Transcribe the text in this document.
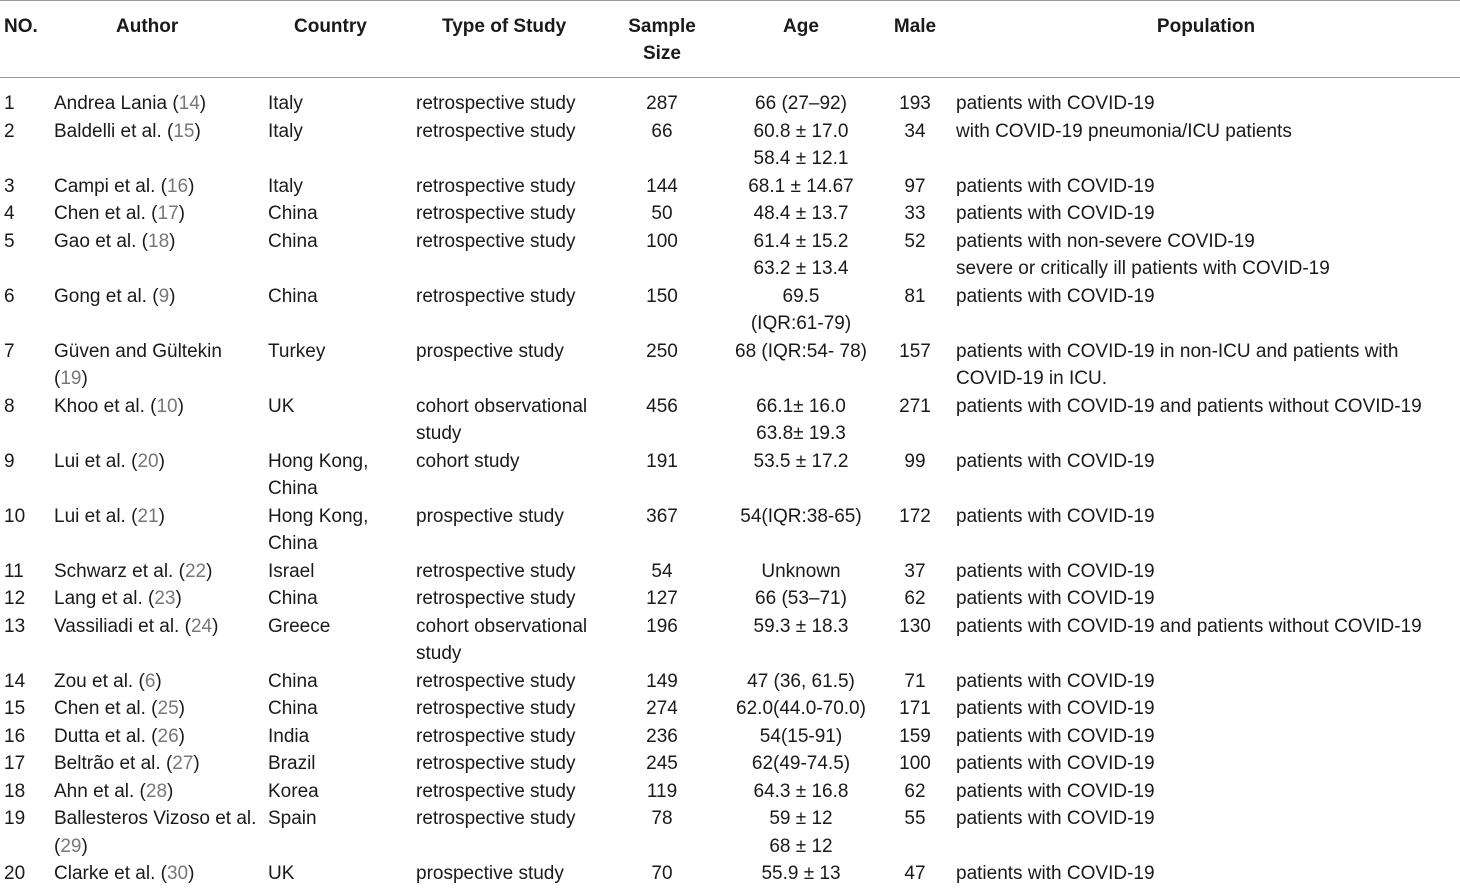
NO.	Author	Country	Type of Study	Sample
Size	Age	Male	Population
1	Andrea Lania (14)	Italy	retrospective study	287	66 (27–92)	193	patients with COVID-19

2	Baldelli et al. (15)	Italy	retrospective study	66	60.8 ± 17.0
58.4 ± 12.1	34	with COVID-19 pneumonia/ICU patients

3	Campi et al. (16)	Italy	retrospective study	144	68.1 ± 14.67	97	patients with COVID-19

4	Chen et al. (17)	China	retrospective study	50	48.4 ± 13.7	33	patients with COVID-19

5	Gao et al. (18)	China	retrospective study	100	61.4 ± 15.2
63.2 ± 13.4	52	patients with non-severe COVID-19
severe or critically ill patients with COVID-19

6	Gong et al. (9)	China	retrospective study	150	69.5
(IQR:61-79)	81	patients with COVID-19

7	Güven and Gültekin (19)	Turkey	prospective study	250	68 (IQR:54- 78)	157	patients with COVID-19 in non-ICU and patients with COVID-19 in ICU.

8	Khoo et al. (10)	UK	cohort observational study	456	66.1± 16.0
63.8± 19.3	271	patients with COVID-19 and patients without COVID-19

9	Lui et al. (20)	Hong Kong, China	cohort study	191	53.5 ± 17.2	99	patients with COVID-19

10	Lui et al. (21)	Hong Kong, China	prospective study	367	54(IQR:38-65)	172	patients with COVID-19

11	Schwarz et al. (22)	Israel	retrospective study	54	Unknown	37	patients with COVID-19

12	Lang et al. (23)	China	retrospective study	127	66 (53–71)	62	patients with COVID-19

13	Vassiliadi et al. (24)	Greece	cohort observational study	196	59.3 ± 18.3	130	patients with COVID-19 and patients without COVID-19

14	Zou et al. (6)	China	retrospective study	149	47 (36, 61.5)	71	patients with COVID-19

15	Chen et al. (25)	China	retrospective study	274	62.0(44.0-70.0)	171	patients with COVID-19

16	Dutta et al. (26)	India	retrospective study	236	54(15-91)	159	patients with COVID-19

17	Beltrão et al. (27)	Brazil	retrospective study	245	62(49-74.5)	100	patients with COVID-19

18	Ahn et al. (28)	Korea	retrospective study	119	64.3 ± 16.8	62	patients with COVID-19

19	Ballesteros Vizoso et al. (29)	Spain	retrospective study	78	59 ± 12
68 ± 12	55	patients with COVID-19

20	Clarke et al. (30)	UK	prospective study	70	55.9 ± 13	47	patients with COVID-19
